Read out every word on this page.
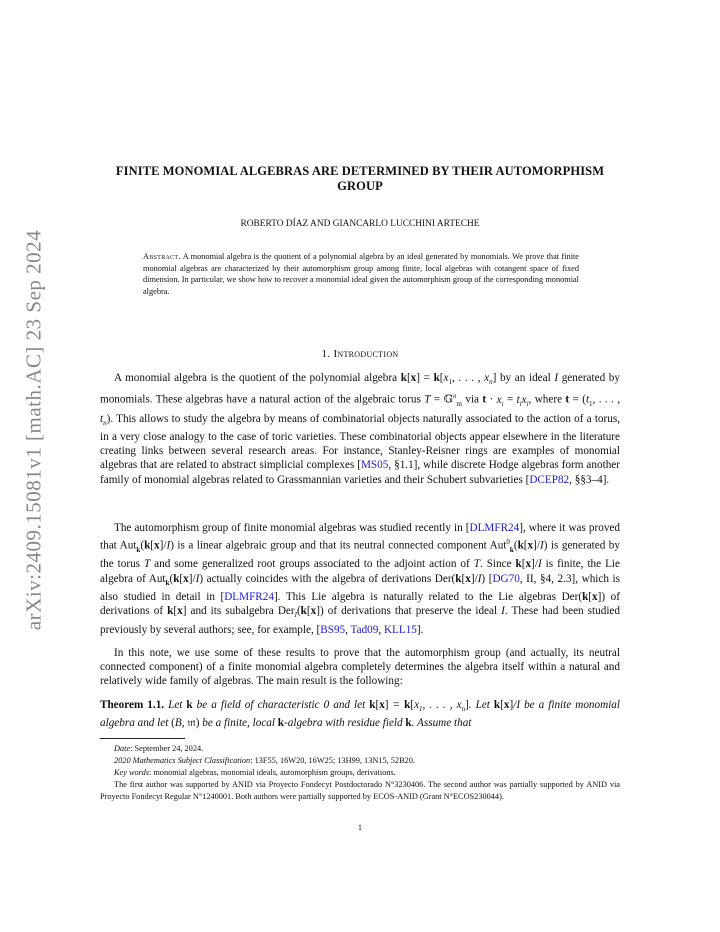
arXiv:2409.15081v1 [math.AC] 23 Sep 2024
FINITE MONOMIAL ALGEBRAS ARE DETERMINED BY THEIR AUTOMORPHISM
GROUP
ROBERTO DÍAZ AND GIANCARLO LUCCHINI ARTECHE
Abstract. A monomial algebra is the quotient of a polynomial algebra by an ideal generated by monomials. We prove that finite monomial algebras are characterized by their automorphism group among finite, local algebras with cotangent space of fixed dimension. In particular, we show how to recover a monomial ideal given the automorphism group of the corresponding monomial algebra.
1. Introduction
A monomial algebra is the quotient of the polynomial algebra $k[x] = k[x_1$, . . . , $x_n$] by an ideal I generated by monomials. These algebras have a natural action of the algebraic torus T = 𝔾$^n_m$ via $t \cdot x_i = t_ix_i$, where $t = (t_1$, . . . , $t_n$). This allows to study the algebra by means of combinatorial objects naturally associated to the action of a torus, in a very close analogy to the case of toric varieties. These combinatorial objects appear elsewhere in the literature creating links between several research areas. For instance, Stanley-Reisner rings are examples of monomial algebras that are related to abstract simplicial complexes [MS05, §1.1], while discrete Hodge algebras form another family of monomial algebras related to Grassmannian varieties and their Schubert subvarieties [DCEP82, §§3–4].
The automorphism group of finite monomial algebras was studied recently in [DLMFR24], where it was proved that Aut$_k$(k[x]/I) is a linear algebraic group and that its neutral connected component Aut$^0_k$(k[x]/I) is generated by the torus T and some generalized root groups associated to the adjoint action of T. Since k[x]/I is finite, the Lie algebra of Aut$_k$(k[x]/I) actually coincides with the algebra of derivations Der(k[x]/I) [DG70, II, §4, 2.3], which is also studied in detail in [DLMFR24]. This Lie algebra is naturally related to the Lie algebras Der(k[x]) of derivations of k[x] and its subalgebra Der$_I$(k[x]) of derivations that preserve the ideal I. These had been studied previously by several authors; see, for example, [BS95, Tad09, KLL15].
In this note, we use some of these results to prove that the automorphism group (and actually, its neutral connected component) of a finite monomial algebra completely determines the algebra itself within a natural and relatively wide family of algebras. The main result is the following:
Theorem 1.1. Let k be a field of characteristic 0 and let $k[x] = k[x_1$, . . . , $x_n$]. Let k[x]/I be a finite monomial algebra and let (B, 𝔪) be a finite, local k-algebra with residue field k. Assume that

Date: September 24, 2024.

2020 Mathematics Subject Classification: 13F55, 16W20, 16W25; 13H99, 13N15, 52B20.

Key words: monomial algebras, monomial ideals, automorphism groups, derivations.

The first author was supported by ANID via Proyecto Fondecyt Postdoctorado N°3230406. The second author was partially supported by ANID via Proyecto Fondecyt Regular N°1240001. Both authors were partially supported by ECOS-ANID (Grant N°ECOS230044).

1
